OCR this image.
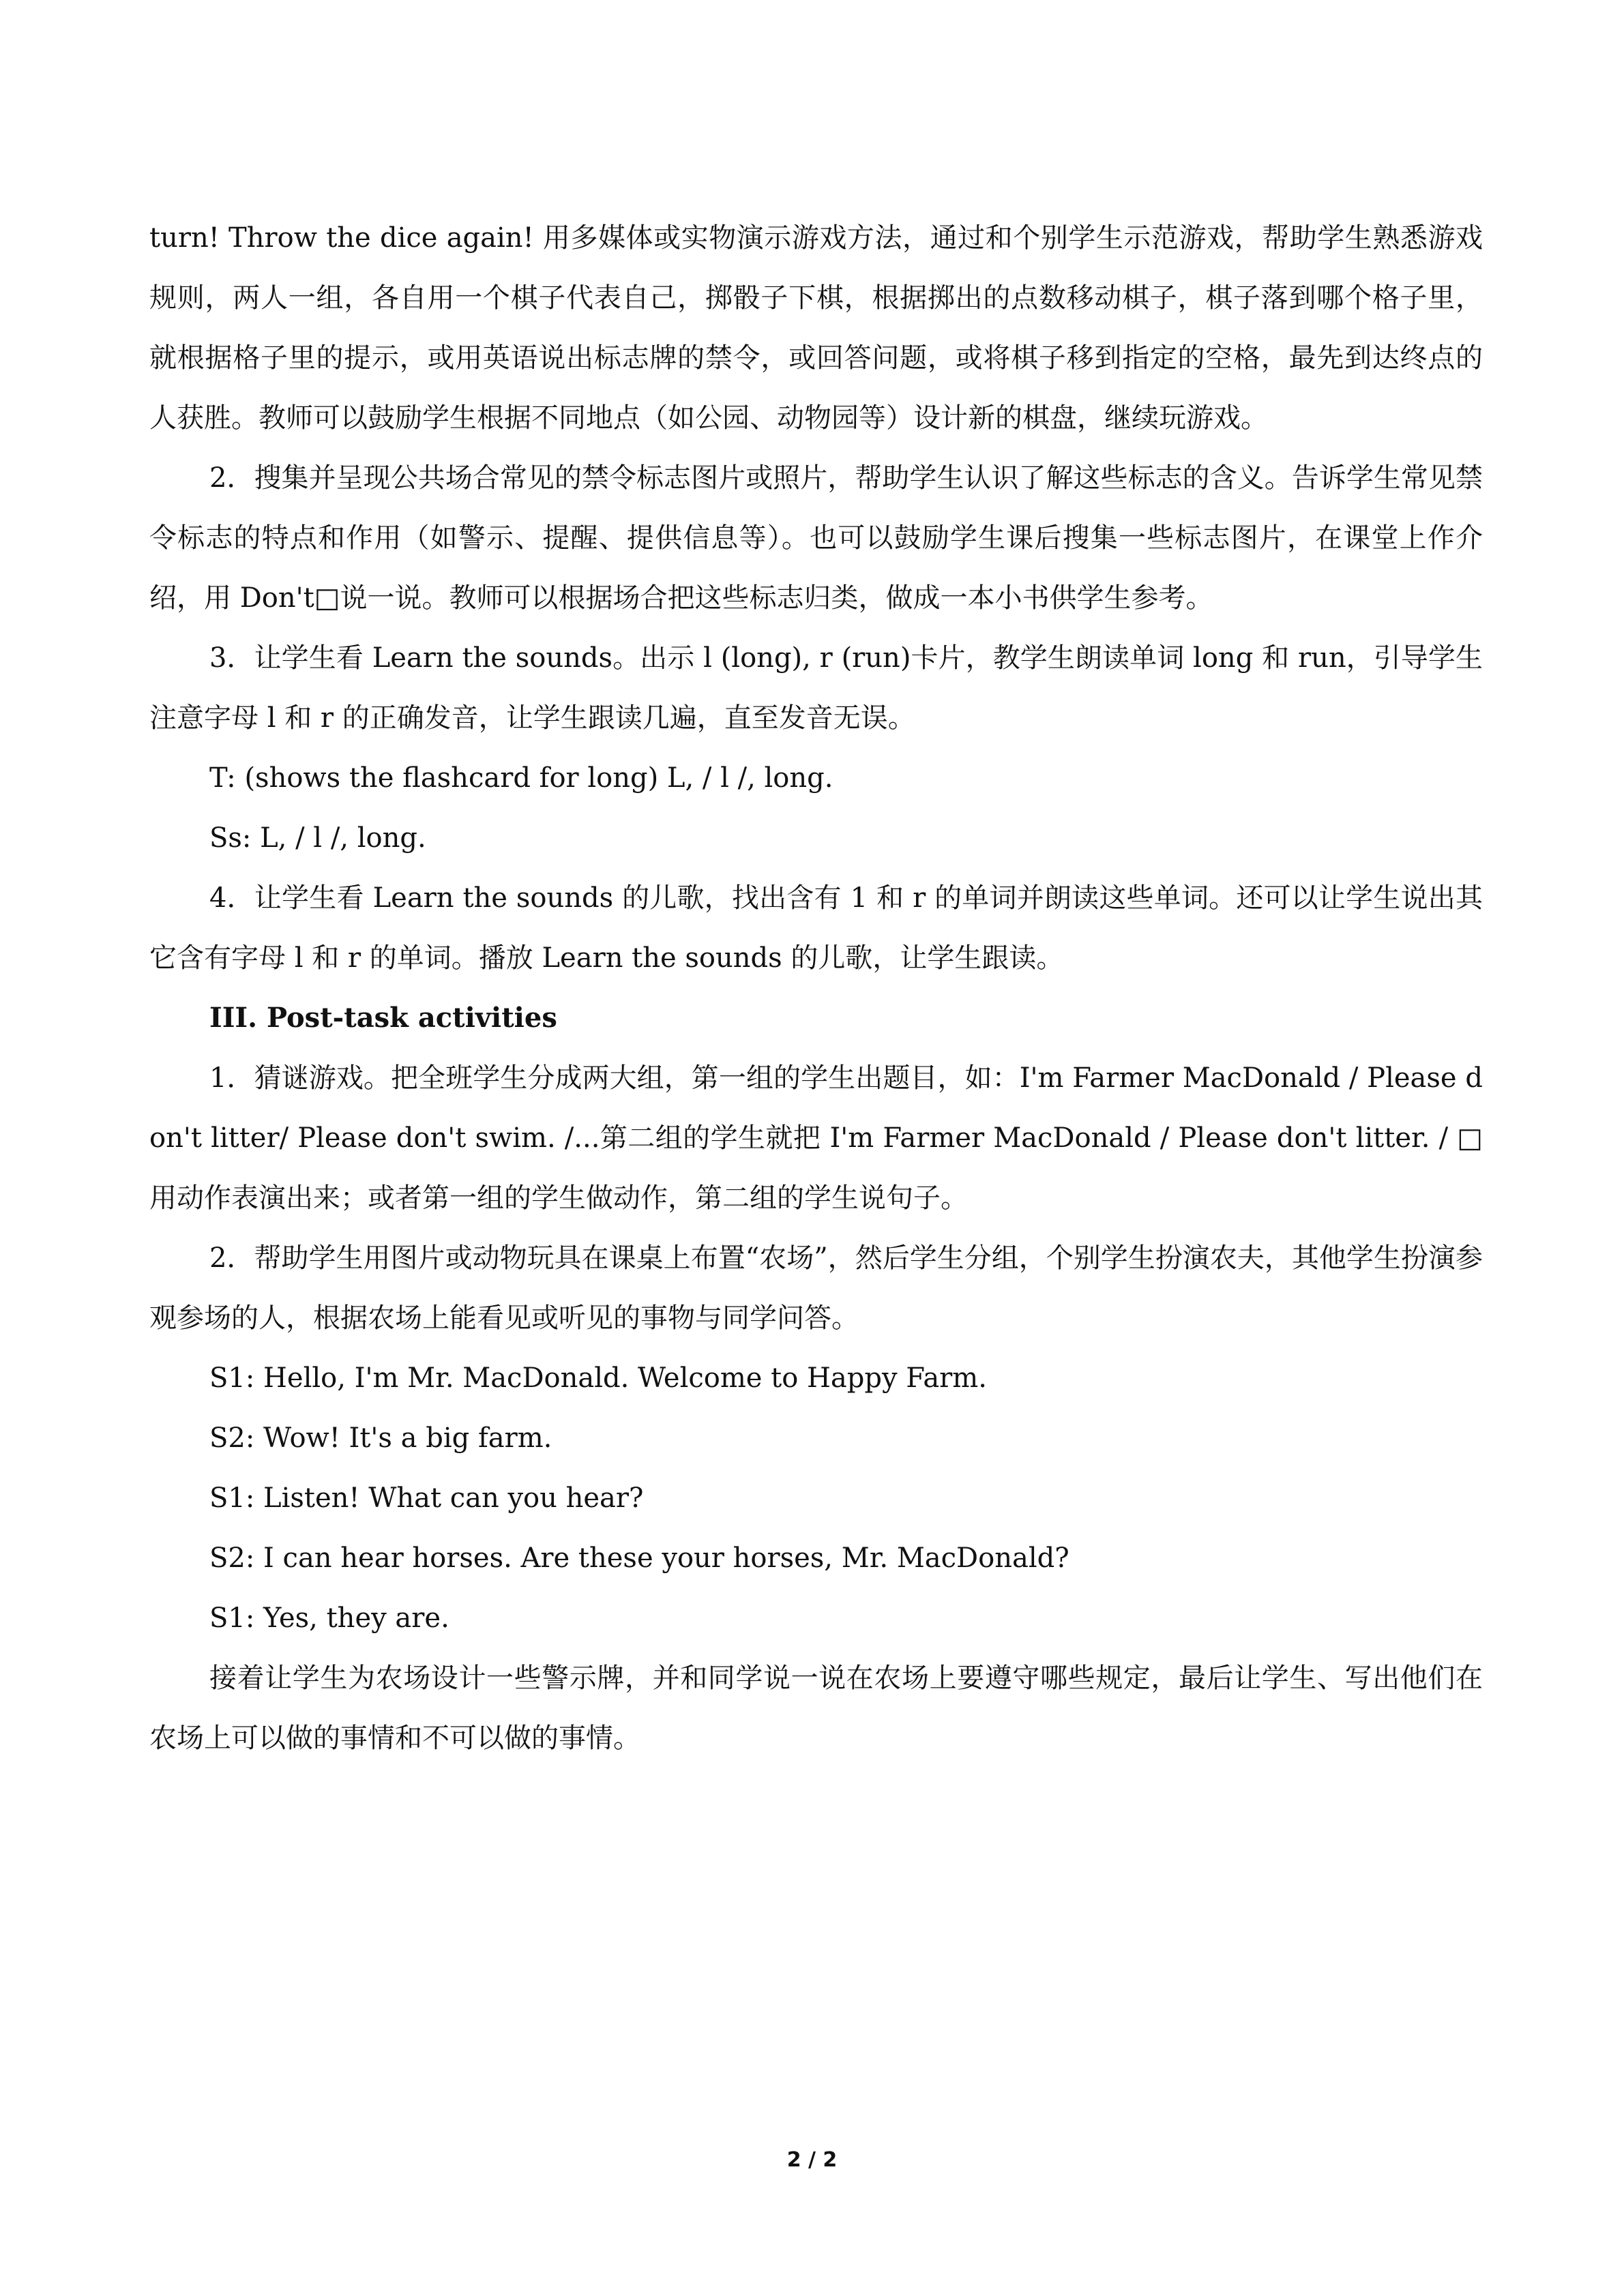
turn! Throw the dice again! 用多媒体或实物演示游戏方法，通过和个别学生示范游戏，帮助学生熟悉游戏规则，两人一组，各自用一个棋子代表自己，掷骰子下棋，根据掷出的点数移动棋子，棋子落到哪个格子里，就根据格子里的提示，或用英语说出标志牌的禁令，或回答问题，或将棋子移到指定的空格，最先到达终点的人获胜。教师可以鼓励学生根据不同地点（如公园、动物园等）设计新的棋盘，继续玩游戏。

2．搜集并呈现公共场合常见的禁令标志图片或照片，帮助学生认识了解这些标志的含义。告诉学生常见禁令标志的特点和作用（如警示、提醒、提供信息等）。也可以鼓励学生课后搜集一些标志图片，在课堂上作介绍，用 Don't□说一说。教师可以根据场合把这些标志归类，做成一本小书供学生参考。

3．让学生看 Learn the sounds。出示 l (long), r (run)卡片，教学生朗读单词 long 和 run，引导学生注意字母 l 和 r 的正确发音，让学生跟读几遍，直至发音无误。

T: (shows the flashcard for long) L, / l /, long.

Ss: L, / l /, long.

4．让学生看 Learn the sounds 的儿歌，找出含有 1 和 r 的单词并朗读这些单词。还可以让学生说出其它含有字母 l 和 r 的单词。播放 Learn the sounds 的儿歌，让学生跟读。

III. Post-task activities

1．猜谜游戏。把全班学生分成两大组，第一组的学生出题目，如：I'm Farmer MacDonald / Please don't litter/ Please don't swim. /...第二组的学生就把 I'm Farmer MacDonald / Please don't litter. / □用动作表演出来；或者第一组的学生做动作，第二组的学生说句子。

2．帮助学生用图片或动物玩具在课桌上布置“农场”，然后学生分组，个别学生扮演农夫，其他学生扮演参观参场的人，根据农场上能看见或听见的事物与同学问答。

S1: Hello, I'm Mr. MacDonald. Welcome to Happy Farm.

S2: Wow! It's a big farm.

S1: Listen! What can you hear?

S2: I can hear horses. Are these your horses, Mr. MacDonald?

S1: Yes, they are.

接着让学生为农场设计一些警示牌，并和同学说一说在农场上要遵守哪些规定，最后让学生、写出他们在农场上可以做的事情和不可以做的事情。

2 / 2
